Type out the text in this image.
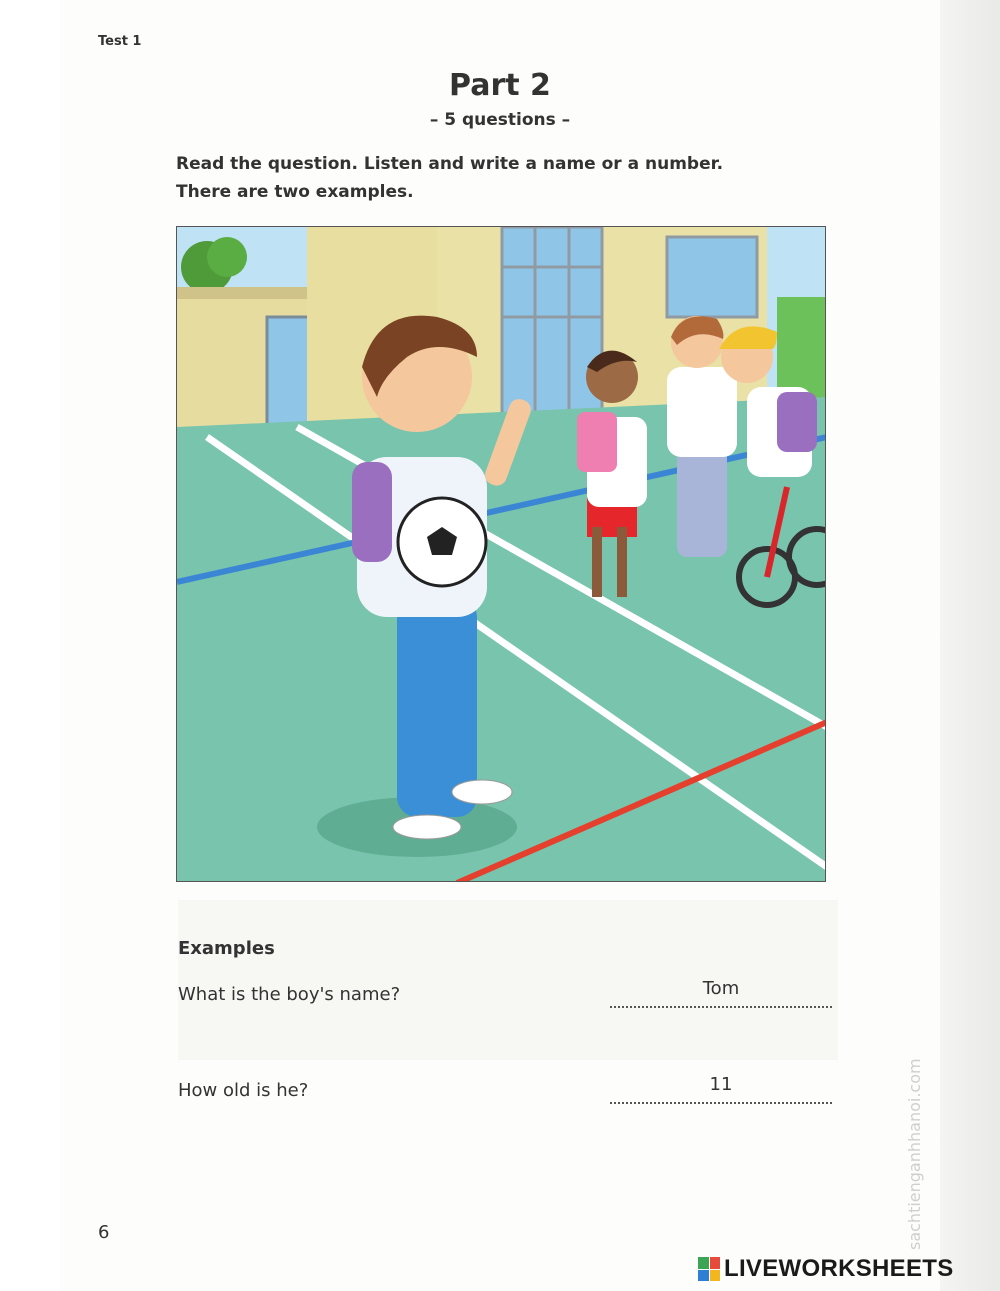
Test 1
Part 2
– 5 questions –
Read the question. Listen and write a name or a number.
There are two examples.
Examples
What is the boy's name?	Tom
How old is he?	11
6	sachtienganhhanoi.com
LIVEWORKSHEETS
